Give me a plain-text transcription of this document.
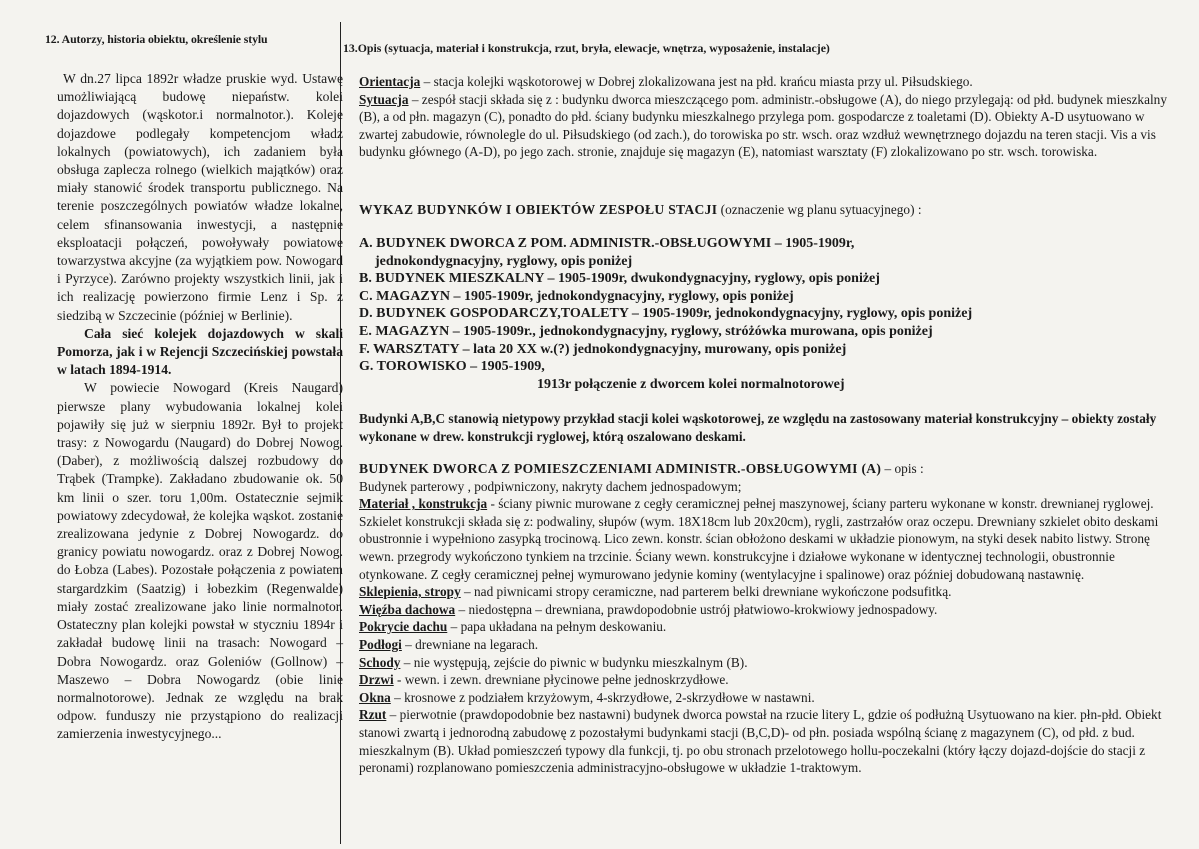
12. Autorzy, historia obiektu, określenie stylu

W dn.27 lipca 1892r władze pruskie wyd. Ustawę umożliwiającą budowę niepaństw. kolei dojazdowych (wąskotor.i normalnotor.). Koleje dojazdowe podlegały kompetencjom władz lokalnych (powiatowych), ich zadaniem była obsługa zaplecza rolnego (wielkich majątków) oraz miały stanowić środek transportu publicznego. Na terenie poszczególnych powiatów władze lokalne, celem sfinansowania inwestycji, a następnie eksploatacji połączeń, powoływały powiatowe towarzystwa akcyjne (za wyjątkiem pow. Nowogard i Pyrzyce). Zarówno projekty wszystkich linii, jak i ich realizację powierzono firmie Lenz i Sp. z siedzibą w Szczecinie (później w Berlinie).

Cała sieć kolejek dojazdowych w skali Pomorza, jak i w Rejencji Szczecińskiej powstała w latach 1894-1914.

W powiecie Nowogard (Kreis Naugard) pierwsze plany wybudowania lokalnej kolei pojawiły się już w sierpniu 1892r. Był to projekt trasy: z Nowogardu (Naugard) do Dobrej Nowog. (Daber), z możliwością dalszej rozbudowy do Trąbek (Trampke). Zakładano zbudowanie ok. 50 km linii o szer. toru 1,00m. Ostatecznie sejmik powiatowy zdecydował, że kolejka wąskot. zostanie zrealizowana jedynie z Dobrej Nowogardz. do granicy powiatu nowogardz. oraz z Dobrej Nowog. do Łobza (Labes). Pozostałe połączenia z powiatem stargardzkim (Saatzig) i łobezkim (Regenwalde) miały zostać zrealizowane jako linie normalnotor. Ostateczny plan kolejki powstał w styczniu 1894r i zakładał budowę linii na trasach: Nowogard – Dobra Nowogardz. oraz Goleniów (Gollnow) – Maszewo – Dobra Nowogardz (obie linie normalnotorowe). Jednak ze względu na brak odpow. funduszy nie przystąpiono do realizacji zamierzenia inwestycyjnego...

13.Opis (sytuacja, materiał i konstrukcja, rzut, bryła, elewacje, wnętrza, wyposażenie, instalacje)

Orientacja – stacja kolejki wąskotorowej w Dobrej zlokalizowana jest na płd. krańcu miasta przy ul. Piłsudskiego.

Sytuacja – zespół stacji składa się z : budynku dworca mieszczącego pom. administr.-obsługowe (A), do niego przylegają: od płd. budynek mieszkalny (B), a od płn. magazyn (C), ponadto do płd. ściany budynku mieszkalnego przylega pom. gospodarcze z toaletami (D). Obiekty A-D usytuowano w zwartej zabudowie, równolegle do ul. Piłsudskiego (od zach.), do torowiska po str. wsch. oraz wzdłuż wewnętrznego dojazdu na teren stacji. Vis a vis budynku głównego (A-D), po jego zach. stronie, znajduje się magazyn (E), natomiast warsztaty (F) zlokalizowano po str. wsch. torowiska.

WYKAZ BUDYNKÓW I OBIEKTÓW ZESPOŁU STACJI (oznaczenie wg planu sytuacyjnego) :

A. BUDYNEK DWORCA Z POM. ADMINISTR.-OBSŁUGOWYMI – 1905-1909r,

jednokondygnacyjny, ryglowy, opis poniżej

B. BUDYNEK MIESZKALNY – 1905-1909r, dwukondygnacyjny, ryglowy, opis poniżej

C. MAGAZYN – 1905-1909r, jednokondygnacyjny, ryglowy, opis poniżej

D. BUDYNEK GOSPODARCZY,TOALETY – 1905-1909r, jednokondygnacyjny, ryglowy, opis poniżej

E. MAGAZYN – 1905-1909r., jednokondygnacyjny, ryglowy, stróżówka murowana, opis poniżej

F. WARSZTATY – lata 20 XX w.(?) jednokondygnacyjny, murowany, opis poniżej

G. TOROWISKO – 1905-1909,

1913r połączenie z dworcem kolei normalnotorowej

Budynki A,B,C stanowią nietypowy przykład stacji kolei wąskotorowej, ze względu na zastosowany materiał konstrukcyjny – obiekty zostały wykonane w drew. konstrukcji ryglowej, którą oszalowano deskami.

BUDYNEK DWORCA Z POMIESZCZENIAMI ADMINISTR.-OBSŁUGOWYMI (A) – opis :

Budynek parterowy , podpiwniczony, nakryty dachem jednospadowym;

Materiał , konstrukcja - ściany piwnic murowane z cegły ceramicznej pełnej maszynowej, ściany parteru wykonane w konstr. drewnianej ryglowej. Szkielet konstrukcji składa się z: podwaliny, słupów (wym. 18X18cm lub 20x20cm), rygli, zastrzałów oraz oczepu. Drewniany szkielet obito deskami obustronnie i wypełniono zasypką trocinową. Lico zewn. konstr. ścian obłożono deskami w układzie pionowym, na styki desek nabito listwy. Stronę wewn. przegrody wykończono tynkiem na trzcinie. Ściany wewn. konstrukcyjne i działowe wykonane w identycznej technologii, obustronnie otynkowane. Z cegły ceramicznej pełnej wymurowano jedynie kominy (wentylacyjne i spalinowe) oraz później dobudowaną nastawnię.

Sklepienia, stropy – nad piwnicami stropy ceramiczne, nad parterem belki drewniane wykończone podsufitką.

Więźba dachowa – niedostępna – drewniana, prawdopodobnie ustrój płatwiowo-krokwiowy jednospadowy.

Pokrycie dachu – papa układana na pełnym deskowaniu.

Podłogi – drewniane na legarach.

Schody – nie występują, zejście do piwnic w budynku mieszkalnym (B).

Drzwi - wewn. i zewn. drewniane płycinowe pełne jednoskrzydłowe.

Okna – krosnowe z podziałem krzyżowym, 4-skrzydłowe, 2-skrzydłowe w nastawni.

Rzut – pierwotnie (prawdopodobnie bez nastawni) budynek dworca powstał na rzucie litery L, gdzie oś podłużną Usytuowano na kier. płn-płd. Obiekt stanowi zwartą i jednorodną zabudowę z pozostałymi budynkami stacji (B,C,D)- od płn. posiada wspólną ścianę z magazynem (C), od płd. z bud. mieszkalnym (B). Układ pomieszczeń typowy dla funkcji, tj. po obu stronach przelotowego hollu-poczekalni (który łączy dojazd-dojście do stacji z peronami) rozplanowano pomieszczenia administracyjno-obsługowe w układzie 1-traktowym.
